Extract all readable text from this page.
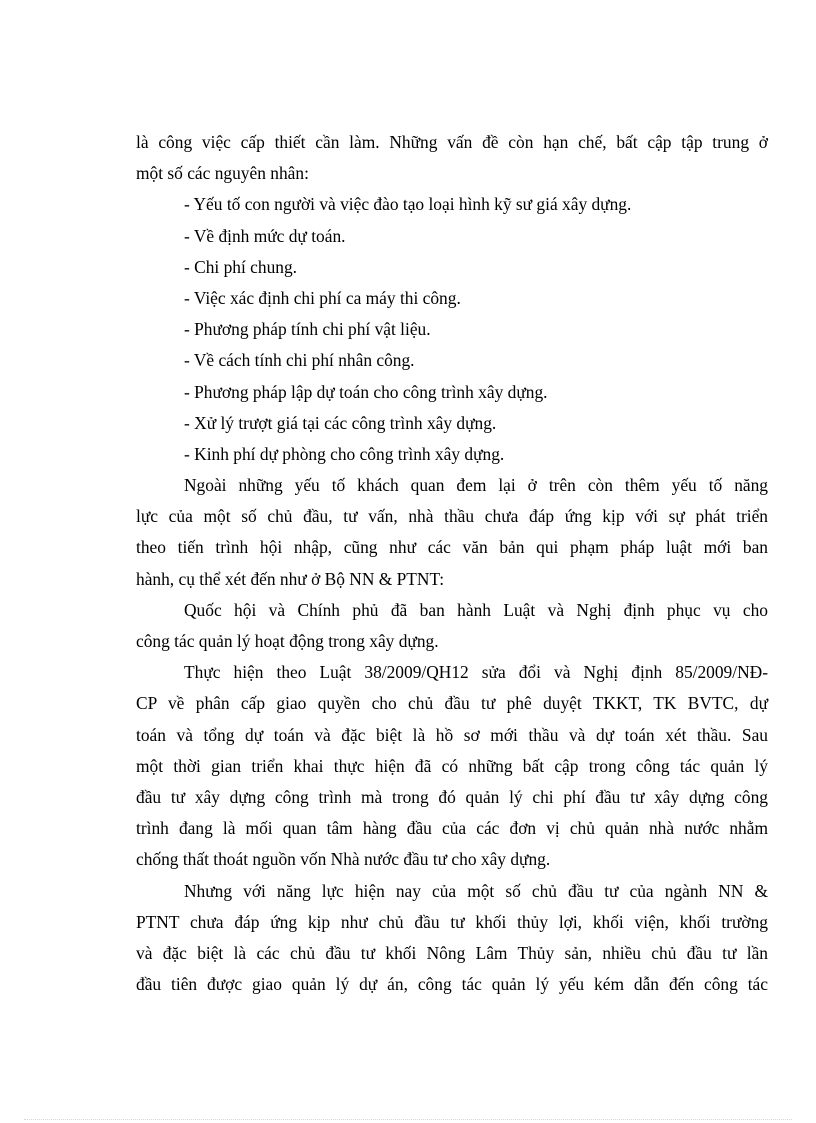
là công việc cấp thiết cần làm. Những vấn đề còn hạn chế, bất cập tập trung ở
một số các nguyên nhân:
- Yếu tố con người và việc đào tạo loại hình kỹ sư giá xây dựng.
- Về định mức dự toán.
- Chi phí chung.
- Việc xác định chi phí ca máy thi công.
- Phương pháp tính chi phí vật liệu.
- Về cách tính chi phí nhân công.
- Phương pháp lập dự toán cho công trình xây dựng.
- Xử lý trượt giá tại các công trình xây dựng.
- Kinh phí dự phòng cho công trình xây dựng.
Ngoài những yếu tố khách quan đem lại ở trên còn thêm yếu tố năng
lực của một số chủ đầu, tư vấn, nhà thầu chưa đáp ứng kịp với sự phát triển
theo tiến trình hội nhập, cũng như các văn bản qui phạm pháp luật mới ban
hành, cụ thể xét đến như ở Bộ NN & PTNT:
Quốc hội và Chính phủ đã ban hành Luật và Nghị định phục vụ cho
công tác quản lý hoạt động trong xây dựng.
Thực hiện theo Luật 38/2009/QH12 sửa đổi và Nghị định 85/2009/NĐ-
CP về phân cấp giao quyền cho chủ đầu tư phê duyệt TKKT, TK BVTC, dự
toán và tổng dự toán và đặc biệt là hồ sơ mới thầu và dự toán xét thầu. Sau
một thời gian triển khai thực hiện đã có những bất cập trong công tác quản lý
đầu tư xây dựng công trình mà trong đó quản lý chi phí đầu tư xây dựng công
trình đang là mối quan tâm hàng đầu của các đơn vị chủ quản nhà nước nhằm
chống thất thoát nguồn vốn Nhà nước đầu tư cho xây dựng.
Nhưng với năng lực hiện nay của một số chủ đầu tư của ngành NN &
PTNT chưa đáp ứng kịp như chủ đầu tư khối thủy lợi, khối viện, khối trường
và đặc biệt là các chủ đầu tư khối Nông Lâm Thủy sản, nhiều chủ đầu tư lần
đầu tiên được giao quản lý dự án, công tác quản lý yếu kém dẫn đến công tác
